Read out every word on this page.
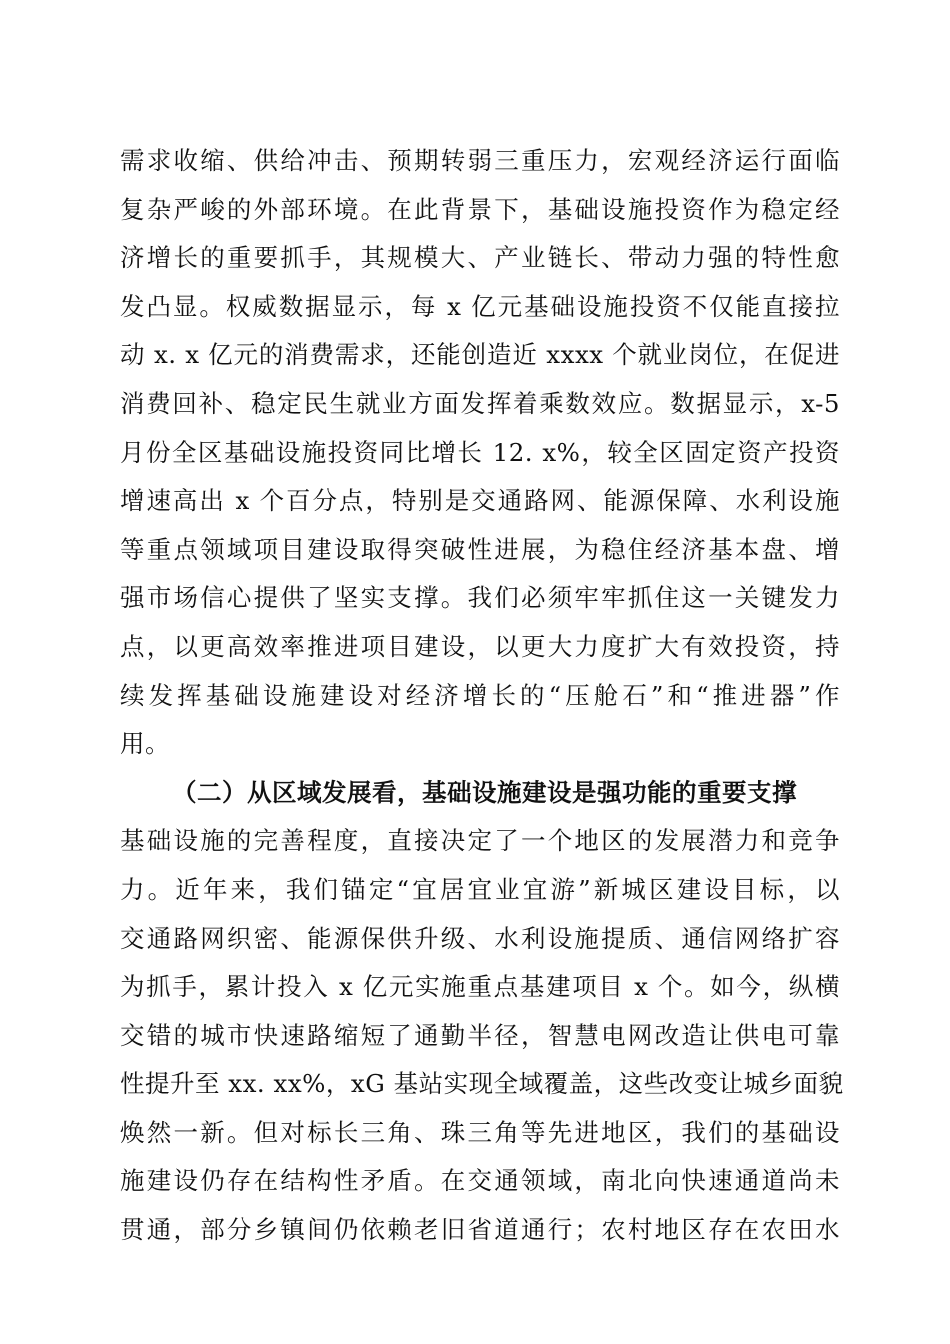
需求收缩、供给冲击、预期转弱三重压力，宏观经济运行面临
复杂严峻的外部环境。在此背景下，基础设施投资作为稳定经
济增长的重要抓手，其规模大、产业链长、带动力强的特性愈
发凸显。权威数据显示，每 x 亿元基础设施投资不仅能直接拉
动 x. x 亿元的消费需求，还能创造近 xxxx 个就业岗位，在促进
消费回补、稳定民生就业方面发挥着乘数效应。数据显示，x-5
月份全区基础设施投资同比增长 12. x%，较全区固定资产投资
增速高出 x 个百分点，特别是交通路网、能源保障、水利设施
等重点领域项目建设取得突破性进展，为稳住经济基本盘、增
强市场信心提供了坚实支撑。我们必须牢牢抓住这一关键发力
点，以更高效率推进项目建设，以更大力度扩大有效投资，持
续发挥基础设施建设对经济增长的“压舱石”和“推进器”作
用。
（二）从区域发展看，基础设施建设是强功能的重要支撑
基础设施的完善程度，直接决定了一个地区的发展潜力和竞争
力。近年来，我们锚定“宜居宜业宜游”新城区建设目标，以
交通路网织密、能源保供升级、水利设施提质、通信网络扩容
为抓手，累计投入 x 亿元实施重点基建项目 x 个。如今，纵横
交错的城市快速路缩短了通勤半径，智慧电网改造让供电可靠
性提升至 xx. xx%，xG 基站实现全域覆盖，这些改变让城乡面貌
焕然一新。但对标长三角、珠三角等先进地区，我们的基础设
施建设仍存在结构性矛盾。在交通领域，南北向快速通道尚未
贯通，部分乡镇间仍依赖老旧省道通行；农村地区存在农田水
